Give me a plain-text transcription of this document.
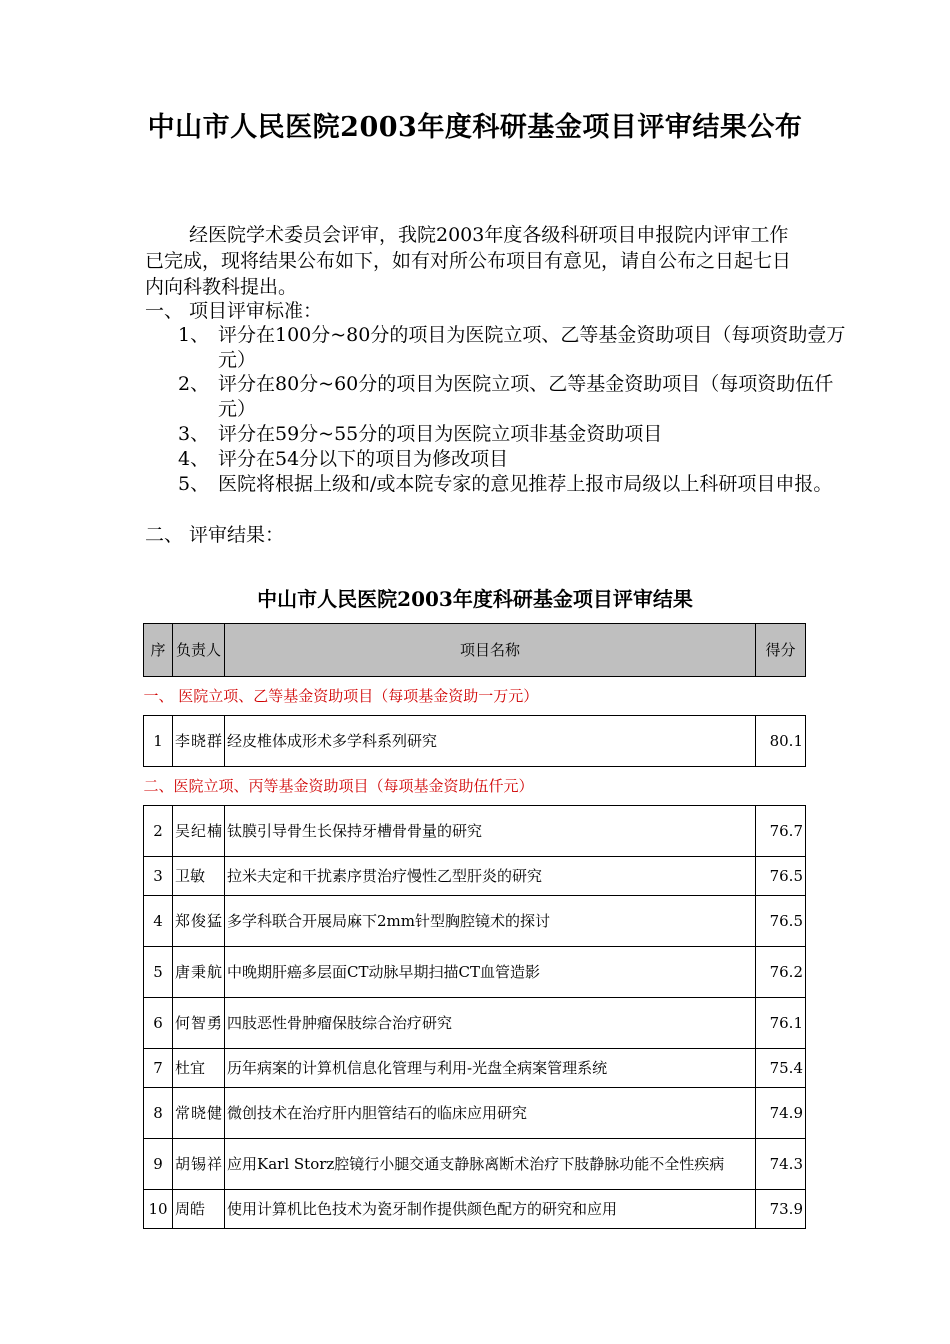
中山市人民医院2003年度科研基金项目评审结果公布

经医院学术委员会评审，我院2003年度各级科研项目申报院内评审工作已完成，现将结果公布如下，如有对所公布项目有意见，请自公布之日起七日内向科教科提出。

一、 项目评审标准：

1、 评分在100分~80分的项目为医院立项、乙等基金资助项目（每项资助壹万元）

2、 评分在80分~60分的项目为医院立项、乙等基金资助项目（每项资助伍仟元）

3、 评分在59分~55分的项目为医院立项非基金资助项目

4、 评分在54分以下的项目为修改项目

5、 医院将根据上级和/或本院专家的意见推荐上报市局级以上科研项目申报。

二、 评审结果：

中山市人民医院2003年度科研基金项目评审结果
序	负责人	项目名称	得分
一、 医院立项、乙等基金资助项目（每项基金资助一万元）			
1	李晓群	经皮椎体成形术多学科系列研究	80.1
二、医院立项、丙等基金资助项目（每项基金资助伍仟元）			
2	吴纪楠	钛膜引导骨生长保持牙槽骨骨量的研究	76.7
3	卫敏	拉米夫定和干扰素序贯治疗慢性乙型肝炎的研究	76.5
4	郑俊猛	多学科联合开展局麻下2mm针型胸腔镜术的探讨	76.5
5	唐秉航	中晚期肝癌多层面CT动脉早期扫描CT血管造影	76.2
6	何智勇	四肢恶性骨肿瘤保肢综合治疗研究	76.1
7	杜宜	历年病案的计算机信息化管理与利用-光盘全病案管理系统	75.4
8	常晓健	微创技术在治疗肝内胆管结石的临床应用研究	74.9
9	胡锡祥	应用Karl Storz腔镜行小腿交通支静脉离断术治疗下肢静脉功能不全性疾病	74.3
10	周皓	使用计算机比色技术为瓷牙制作提供颜色配方的研究和应用	73.9
